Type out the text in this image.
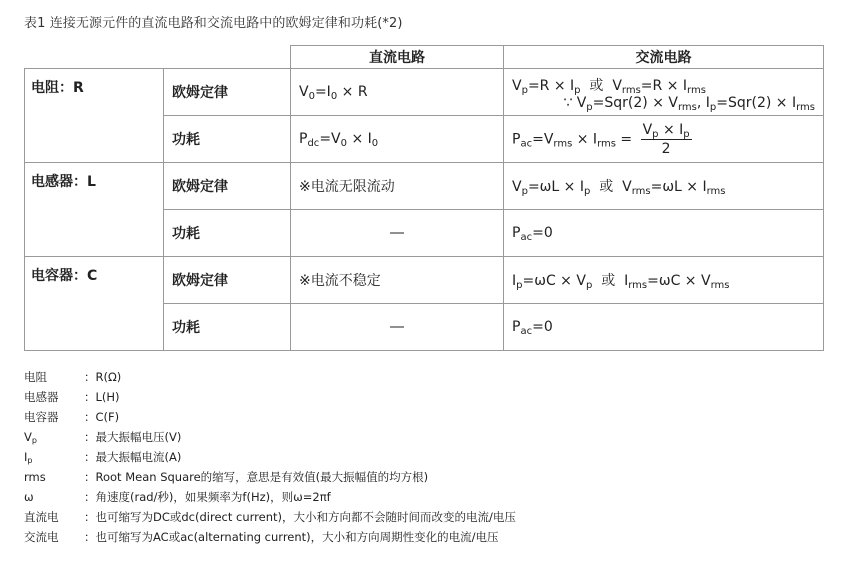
表1 连接无源元件的直流电路和交流电路中的欧姆定律和功耗(*2)
		直流电路	交流电路
电阻：R	欧姆定律	$V_0=I_0 \times R$	$V_p=R \times I_p$  或  $V_{rms}=R \times I_{rms}$
∵ $V_p=Sqr(2) \times V_{rms}$, $I_p=Sqr(2) \times I_{rms}$

	功耗	$P_{dc}=V_0 \times I_0$	$P_{ac}=V_{rms} \times I_{rms} = \frac{V_p \times I_p}{2}$

电感器：L	欧姆定律	※电流无限流动	$V_p=\omega L \times I_p$  或  $V_{rms}=\omega L \times I_{rms}$
	功耗	―	$P_{ac}=0$
电容器：C	欧姆定律	※电流不稳定	$I_p=\omega C \times V_p$  或  $I_{rms}=\omega C \times V_{rms}$
	功耗	―	$P_{ac}=0$
电阻	：R(Ω)
电感器 ：L(H)
电容器 ：C(F)
$V_p$	：最大振幅电压(V)
$I_p$	：最大振幅电流(A)
rms	：Root Mean Square的缩写，意思是有效值(最大振幅值的均方根)
ω	：角速度(rad/秒)，如果频率为f(Hz)，则ω=2πf
直流电 ：也可缩写为DC或dc(direct current)，大小和方向都不会随时间而改变的电流/电压
交流电 ：也可缩写为AC或ac(alternating current)，大小和方向周期性变化的电流/电压
